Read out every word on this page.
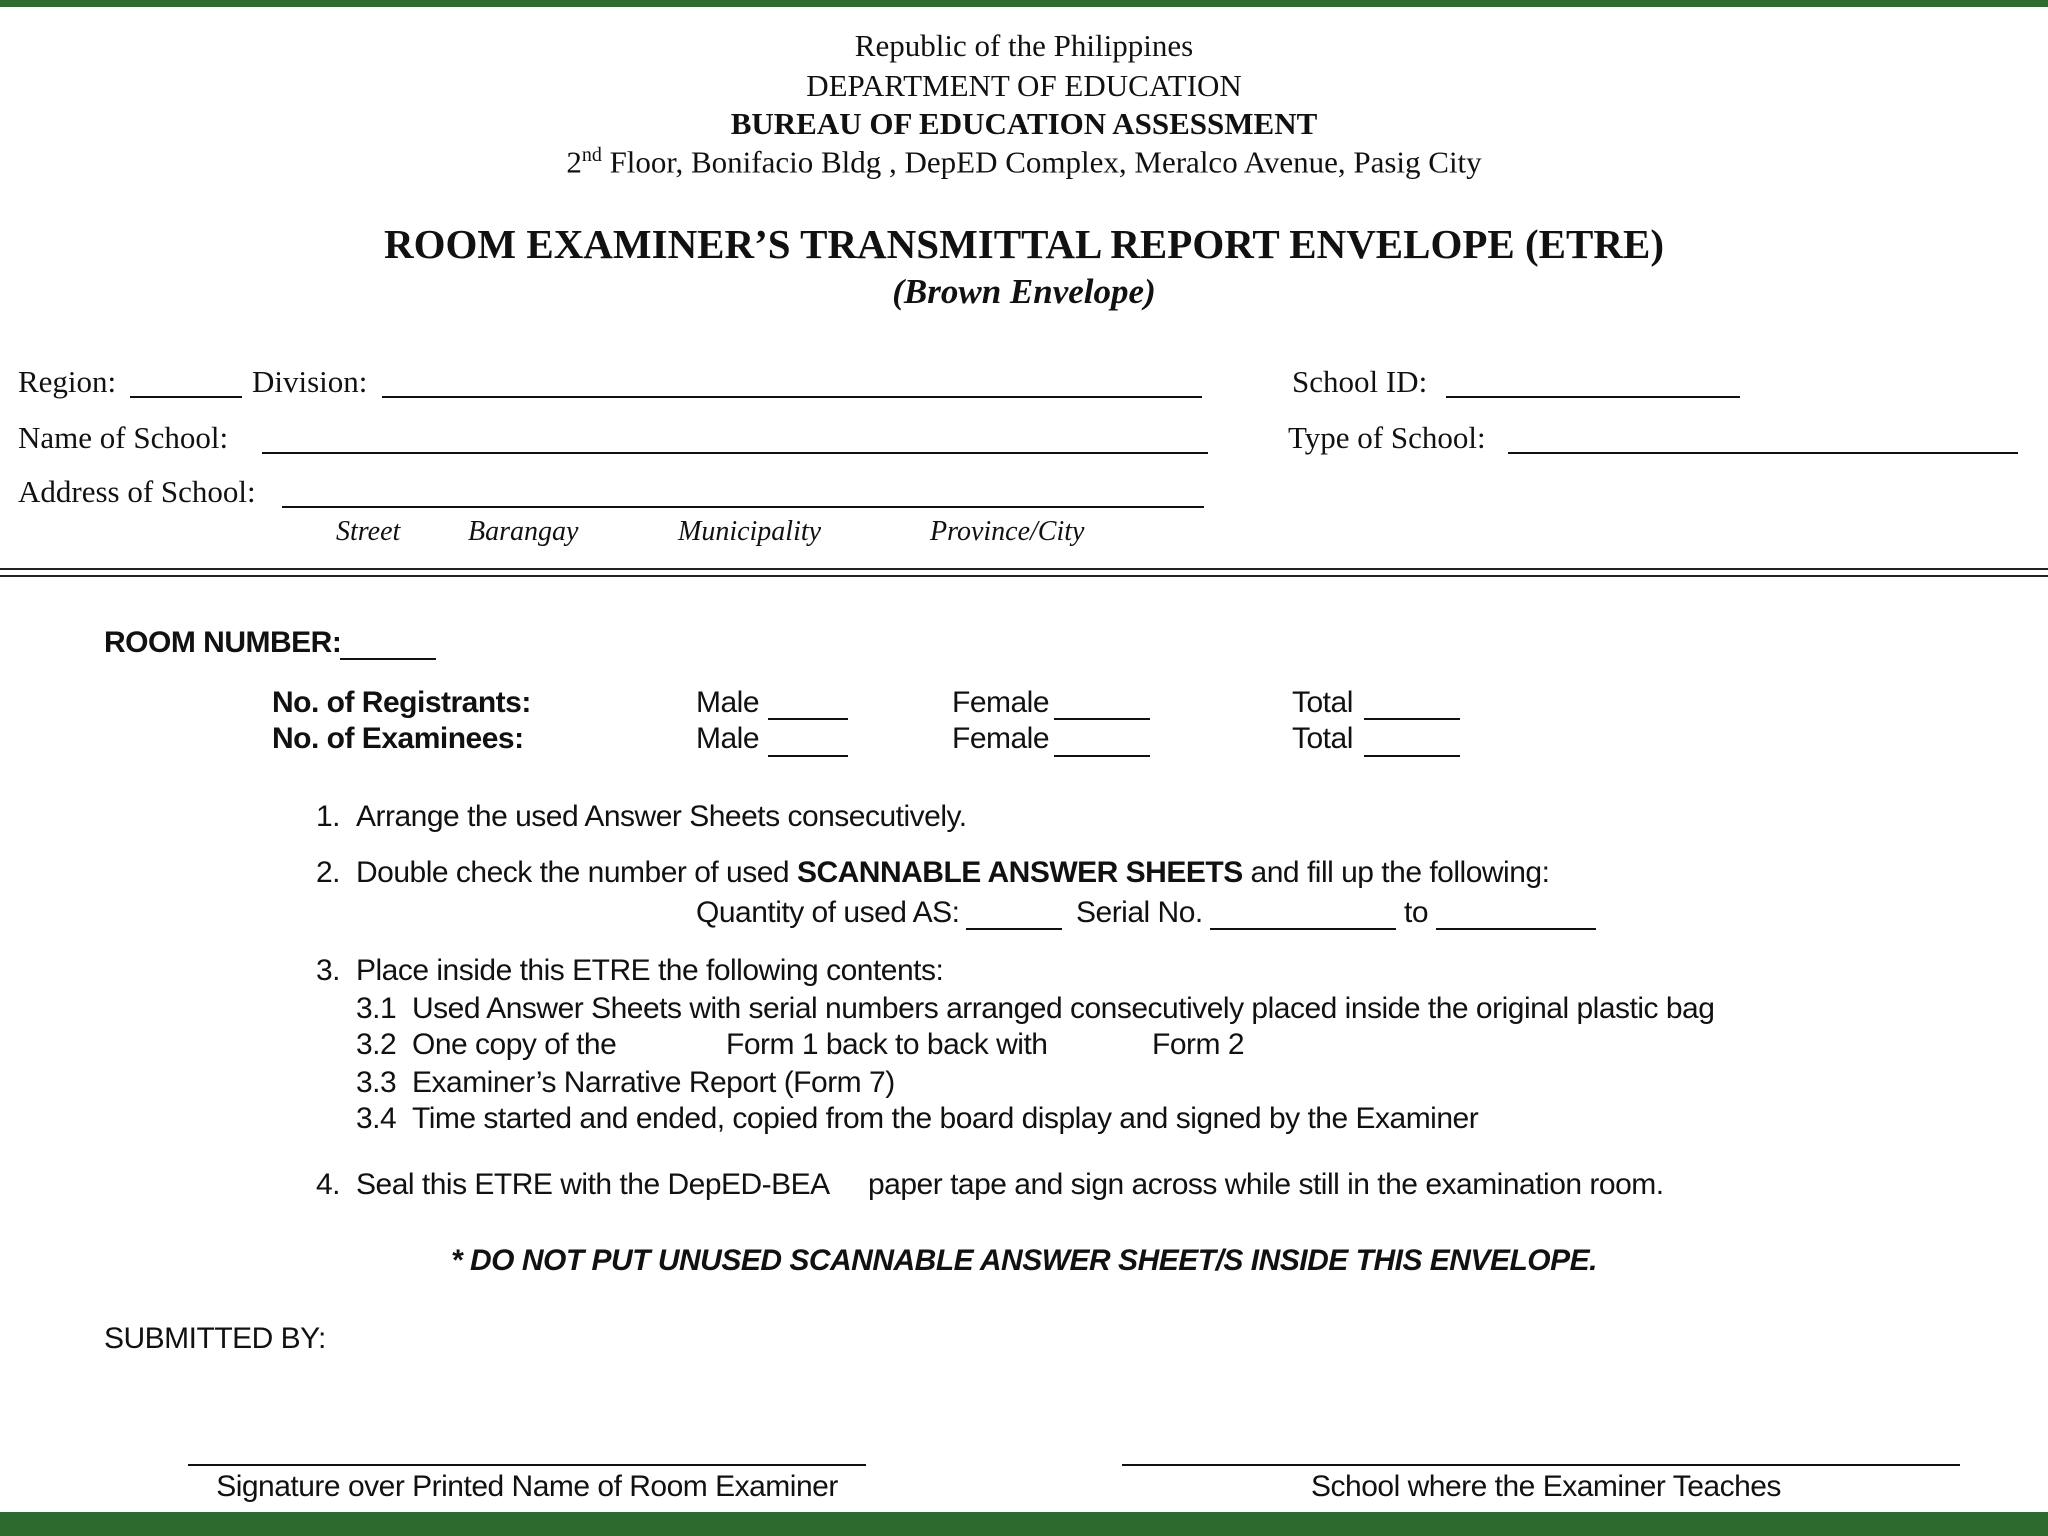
Republic of the Philippines
DEPARTMENT OF EDUCATION
BUREAU OF EDUCATION ASSESSMENT
2nd Floor, Bonifacio Bldg , DepED Complex, Meralco Avenue, Pasig City
ROOM EXAMINER’S TRANSMITTAL REPORT ENVELOPE (ETRE)
(Brown Envelope)
Region:	Division:	School ID:
Name of School:	Type of School:
Address of School:
Street Barangay	Municipality	Province/City
ROOM NUMBER:
No. of Registrants:	Male	Female	Total
No. of Examinees:	Male	Female	Total
1. Arrange the used Answer Sheets consecutively.
2. Double check the number of used SCANNABLE ANSWER SHEETS and fill up the following:
Quantity of used AS:	Serial No.	to
3. Place inside this ETRE the following contents:
3.1 Used Answer Sheets with serial numbers arranged consecutively placed inside the original plastic bag
3.2 One copy of the	Form 1 back to back with	Form 2
3.3 Examiner’s Narrative Report (Form 7)
3.4 Time started and ended, copied from the board display and signed by the Examiner
4. Seal this ETRE with the DepED-BEA paper tape and sign across while still in the examination room.
* DO NOT PUT UNUSED SCANNABLE ANSWER SHEET/S INSIDE THIS ENVELOPE.
SUBMITTED BY:
Signature over Printed Name of Room Examiner	School where the Examiner Teaches
